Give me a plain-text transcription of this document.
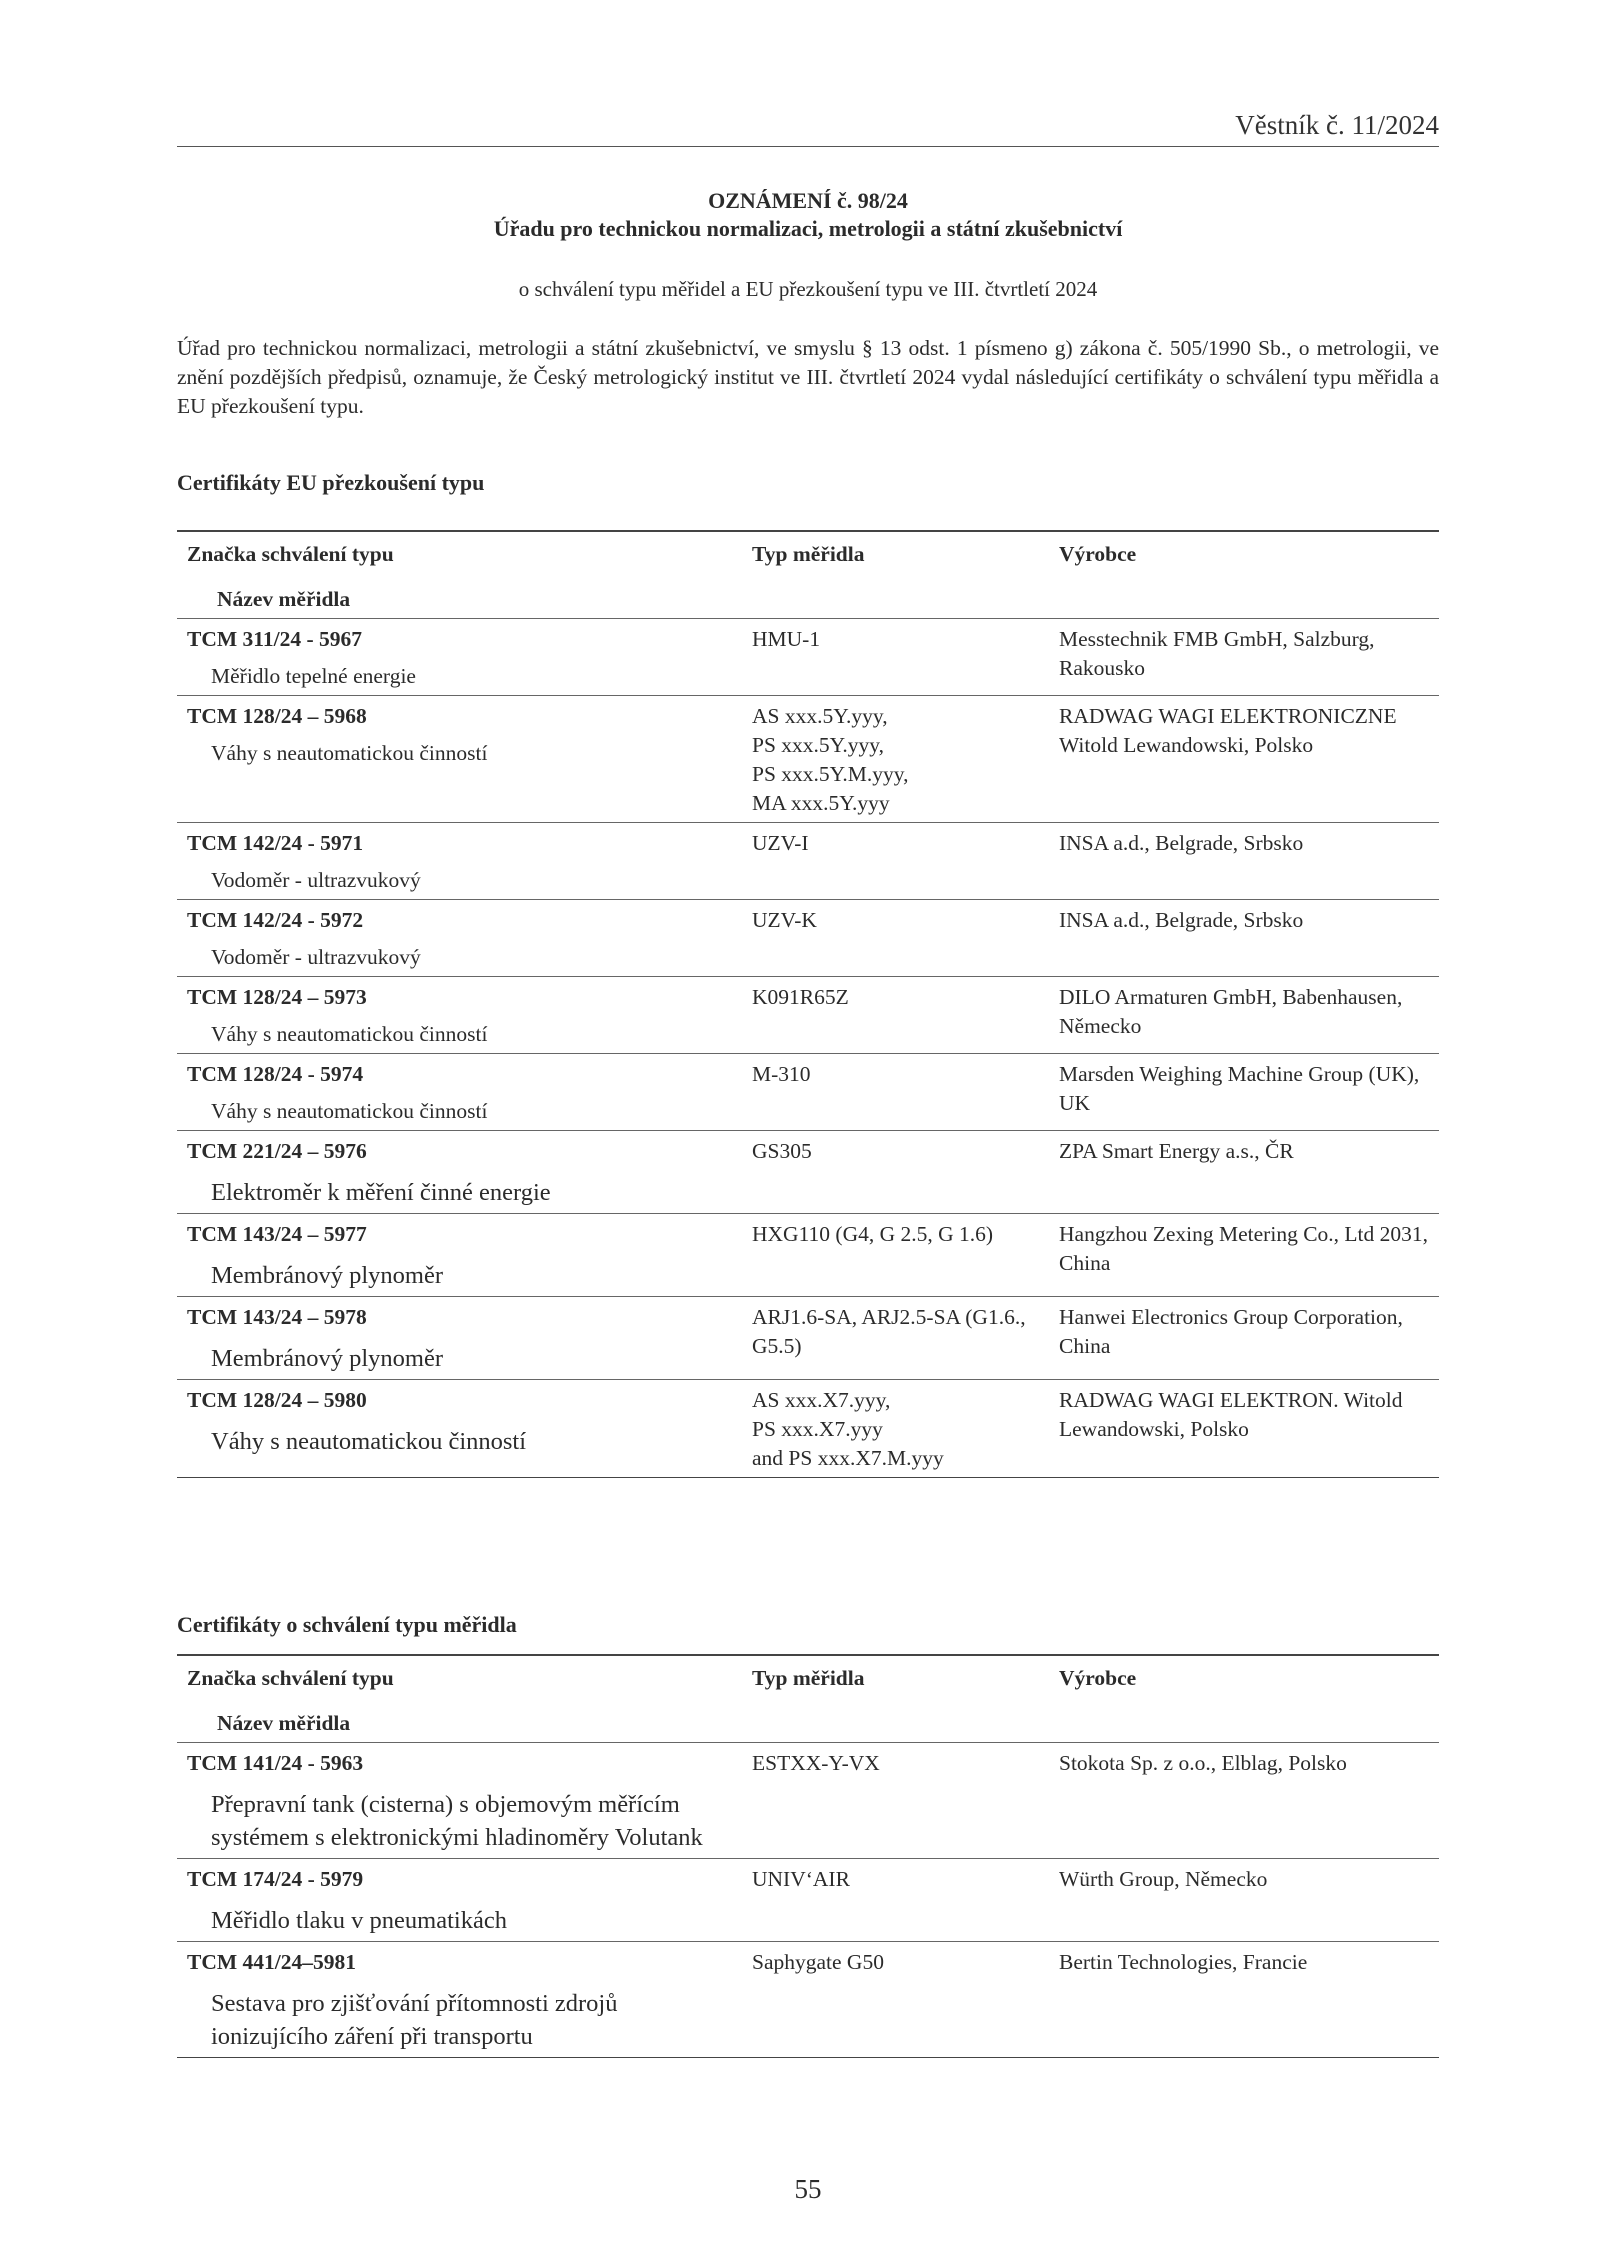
Věstník č. 11/2024
OZNÁMENÍ č. 98/24
Úřadu pro technickou normalizaci, metrologii a státní zkušebnictví
o schválení typu měřidel a EU přezkoušení typu ve III. čtvrtletí 2024

Úřad pro technickou normalizaci, metrologii a státní zkušebnictví, ve smyslu § 13 odst. 1 písmeno g) zákona č. 505/1990 Sb., o metrologii, ve znění pozdějších předpisů, oznamuje, že Český metrologický institut ve III. čtvrtletí 2024 vydal následující certifikáty o schválení typu měřidla a EU přezkoušení typu.

Certifikáty EU přezkoušení typu
Značka schválení typu
Název měřidla	Typ měřidla	Výrobce

TCM 311/24 - 5967
Měřidlo tepelné energie	HMU-1	Messtechnik FMB GmbH, Salzburg, Rakousko

TCM 128/24 – 5968
Váhy s neautomatickou činností	AS xxx.5Y.yyy,
PS xxx.5Y.yyy,
PS xxx.5Y.M.yyy,
MA xxx.5Y.yyy	RADWAG WAGI ELEKTRONICZNE Witold Lewandowski, Polsko

TCM 142/24 - 5971
Vodoměr - ultrazvukový	UZV-I	INSA a.d., Belgrade, Srbsko

TCM 142/24 - 5972
Vodoměr - ultrazvukový	UZV-K	INSA a.d., Belgrade, Srbsko

TCM 128/24 – 5973
Váhy s neautomatickou činností	K091R65Z	DILO Armaturen GmbH, Babenhausen, Německo

TCM 128/24 - 5974
Váhy s neautomatickou činností	M-310	Marsden Weighing Machine Group (UK), UK

TCM 221/24 – 5976
Elektroměr k měření činné energie	GS305	ZPA Smart Energy a.s., ČR

TCM 143/24 – 5977
Membránový plynoměr	HXG110 (G4, G 2.5, G 1.6)	Hangzhou Zexing Metering Co., Ltd 2031, China

TCM 143/24 – 5978
Membránový plynoměr	ARJ1.6-SA, ARJ2.5-SA (G1.6., G5.5)	Hanwei Electronics Group Corporation, China

TCM 128/24 – 5980
Váhy s neautomatickou činností	AS xxx.X7.yyy,
PS xxx.X7.yyy
and PS xxx.X7.M.yyy	RADWAG WAGI ELEKTRON. Witold Lewandowski, Polsko
Certifikáty o schválení typu měřidla
Značka schválení typu
Název měřidla	Typ měřidla	Výrobce

TCM 141/24 - 5963
Přepravní tank (cisterna) s objemovým měřícím systémem s elektronickými hladinoměry Volutank	ESTXX-Y-VX	Stokota Sp. z o.o., Elblag, Polsko

TCM 174/24 - 5979
Měřidlo tlaku v pneumatikách	UNIV‘AIR	Würth Group, Německo

TCM 441/24–5981
Sestava pro zjišťování přítomnosti zdrojů ionizujícího záření při transportu	Saphygate G50	Bertin Technologies, Francie
55
